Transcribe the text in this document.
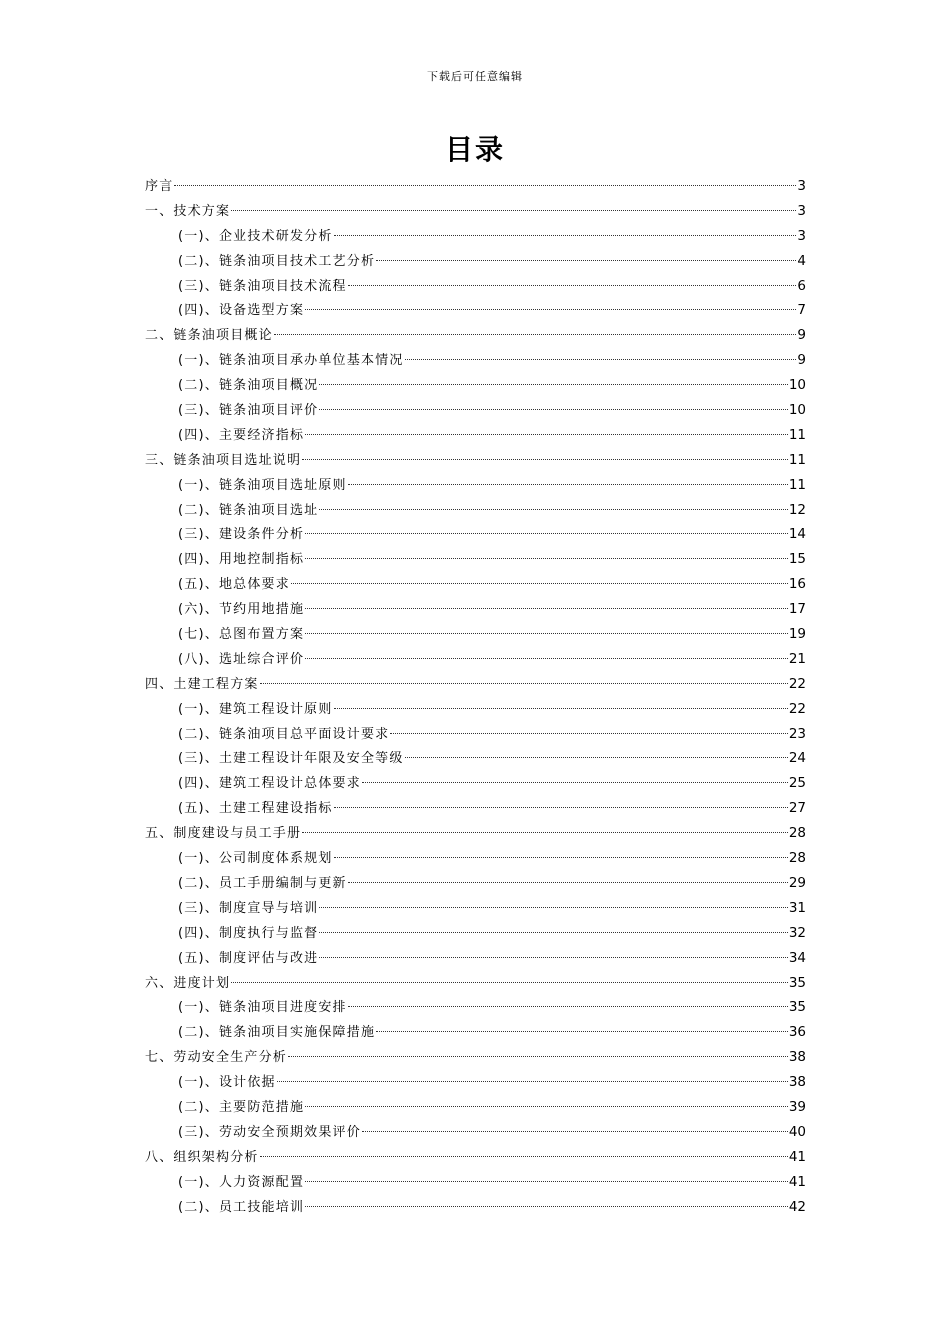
下载后可任意编辑
目录
序言	3
一、技术方案	3
(一)、企业技术研发分析	3
(二)、链条油项目技术工艺分析	4
(三)、链条油项目技术流程	6
(四)、设备选型方案	7
二、链条油项目概论	9
(一)、链条油项目承办单位基本情况	9
(二)、链条油项目概况	10
(三)、链条油项目评价	10
(四)、主要经济指标	11
三、链条油项目选址说明	11
(一)、链条油项目选址原则	11
(二)、链条油项目选址	12
(三)、建设条件分析	14
(四)、用地控制指标	15
(五)、地总体要求	16
(六)、节约用地措施	17
(七)、总图布置方案	19
(八)、选址综合评价	21
四、土建工程方案	22
(一)、建筑工程设计原则	22
(二)、链条油项目总平面设计要求	23
(三)、土建工程设计年限及安全等级	24
(四)、建筑工程设计总体要求	25
(五)、土建工程建设指标	27
五、制度建设与员工手册	28
(一)、公司制度体系规划	28
(二)、员工手册编制与更新	29
(三)、制度宣导与培训	31
(四)、制度执行与监督	32
(五)、制度评估与改进	34
六、进度计划	35
(一)、链条油项目进度安排	35
(二)、链条油项目实施保障措施	36
七、劳动安全生产分析	38
(一)、设计依据	38
(二)、主要防范措施	39
(三)、劳动安全预期效果评价	40
八、组织架构分析	41
(一)、人力资源配置	41
(二)、员工技能培训	42
